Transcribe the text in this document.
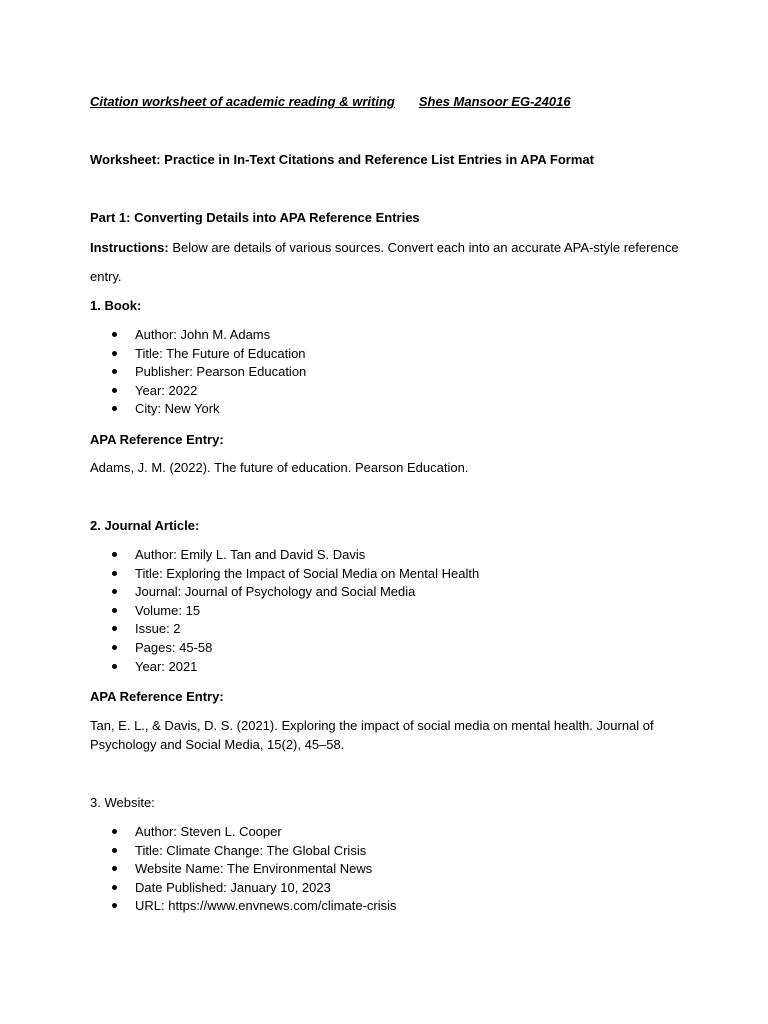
Citation worksheet of academic reading & writing Shes Mansoor EG-24016
Worksheet: Practice in In-Text Citations and Reference List Entries in APA Format
Part 1: Converting Details into APA Reference Entries
Instructions: Below are details of various sources. Convert each into an accurate APA-style reference
entry.
1. Book:
Author: John M. Adams
Title: The Future of Education
Publisher: Pearson Education
Year: 2022
City: New York
APA Reference Entry:
Adams, J. M. (2022). The future of education. Pearson Education.
2. Journal Article:
Author: Emily L. Tan and David S. Davis
Title: Exploring the Impact of Social Media on Mental Health
Journal: Journal of Psychology and Social Media
Volume: 15
Issue: 2
Pages: 45-58
Year: 2021
APA Reference Entry:
Tan, E. L., & Davis, D. S. (2021). Exploring the impact of social media on mental health. Journal of Psychology and Social Media, 15(2), 45–58.
3. Website:
Author: Steven L. Cooper
Title: Climate Change: The Global Crisis
Website Name: The Environmental News
Date Published: January 10, 2023
URL: https://www.envnews.com/climate-crisis
